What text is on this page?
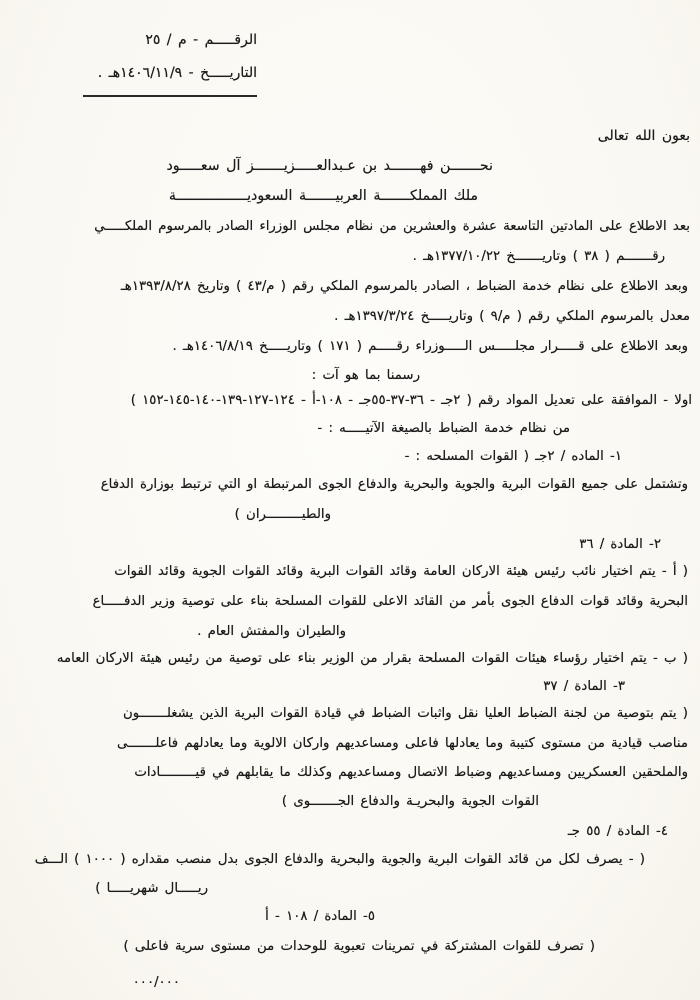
الرقـــــم - م / ٢٥
التاريـــــخ - ١٤٠٦/١١/٩هـ .
بعون الله تعالى
نحـــــــن فهـــــــد بن عـبدالعـــــزيـــــــز آل سعـــــود
ملك المملكـــــــة العربيـــــــة السعوديـــــــــــــــــة
بعد الاطلاع على المادتين التاسعة عشرة والعشرين من نظام مجلس الوزراء الصادر بالمرسوم الملكـــــي
رقـــــــم ( ٣٨ ) وتاريـــــــخ ١٣٧٧/١٠/٢٢هـ .
وبعد الاطلاع على نظام خدمة الضباط ، الصادر بالمرسوم الملكي رقم ( م/٤٣ ) وتاريخ ١٣٩٣/٨/٢٨هـ
معدل بالمرسوم الملكي رقم ( م/٩ ) وتاريـــــخ ١٣٩٧/٣/٢٤هـ .
وبعد الاطلاع على قـــــرار مجلـــــس الـــــوزراء رقـــــم ( ١٧١ ) وتاريـــــخ ١٤٠٦/٨/١٩هـ .
رسمنا بما هو آت :
اولا - الموافقة على تعديل المواد رقم ( ٢جـ - ٣٦-٣٧-٥٥جـ - ١٠٨-أ - ١٢٤-١٢٧-١٣٩-١٤٠-١٤٥-١٥٢ )
من نظام خدمة الضباط بالصيغة الآتيـــــه : -
١- الماده / ٢جـ ( القوات المسلحه : -
وتشتمل على جميع القوات البرية والجوية والبحرية والدفاع الجوى المرتبطة او التي ترتبط بوزارة الدفاع
والطيـــــــــران )
٢- المادة / ٣٦
( أ - يتم اختيار نائب رئيس هيئة الاركان العامة وقائد القوات البرية وقائد القوات الجوية وقائد القوات
البحرية وقائد قوات الدفاع الجوى بأمر من القائد الاعلى للقوات المسلحة بناء على توصية وزير الدفـــــاع
والطيران والمفتش العام .
( ب - يتم اختيار رؤساء هيئات القوات المسلحة بقرار من الوزير بناء على توصية من رئيس هيئة الاركان العامه
٣- المادة / ٣٧
( يتم بتوصية من لجنة الضباط العليا نقل واثبات الضباط في قيادة القوات البرية الذين يشغلـــــــون
مناصب قيادية من مستوى كتيبة وما يعادلها فاعلى ومساعديهم واركان الالوية وما يعادلهم فاعلـــــــى
والملحقين العسكريين ومساعديهم وضباط الاتصال ومساعديهم وكذلك ما يقابلهم في قيـــــــــادات
القوات الجوية والبحريـة والدفاع الجـــــــوى )
٤- المادة / ٥٥ جـ
( - يصرف لكل من قائد القوات البرية والجوية والبحرية والدفاع الجوى بدل منصب مقداره ( ١٠٠٠ ) الـــف
ريـــــال شهريـــــا )
٥- المادة / ١٠٨ - أ
( تصرف للقوات المشتركة في تمرينات تعبوية للوحدات من مستوى سرية فاعلى )
٠٠٠/٠٠٠
